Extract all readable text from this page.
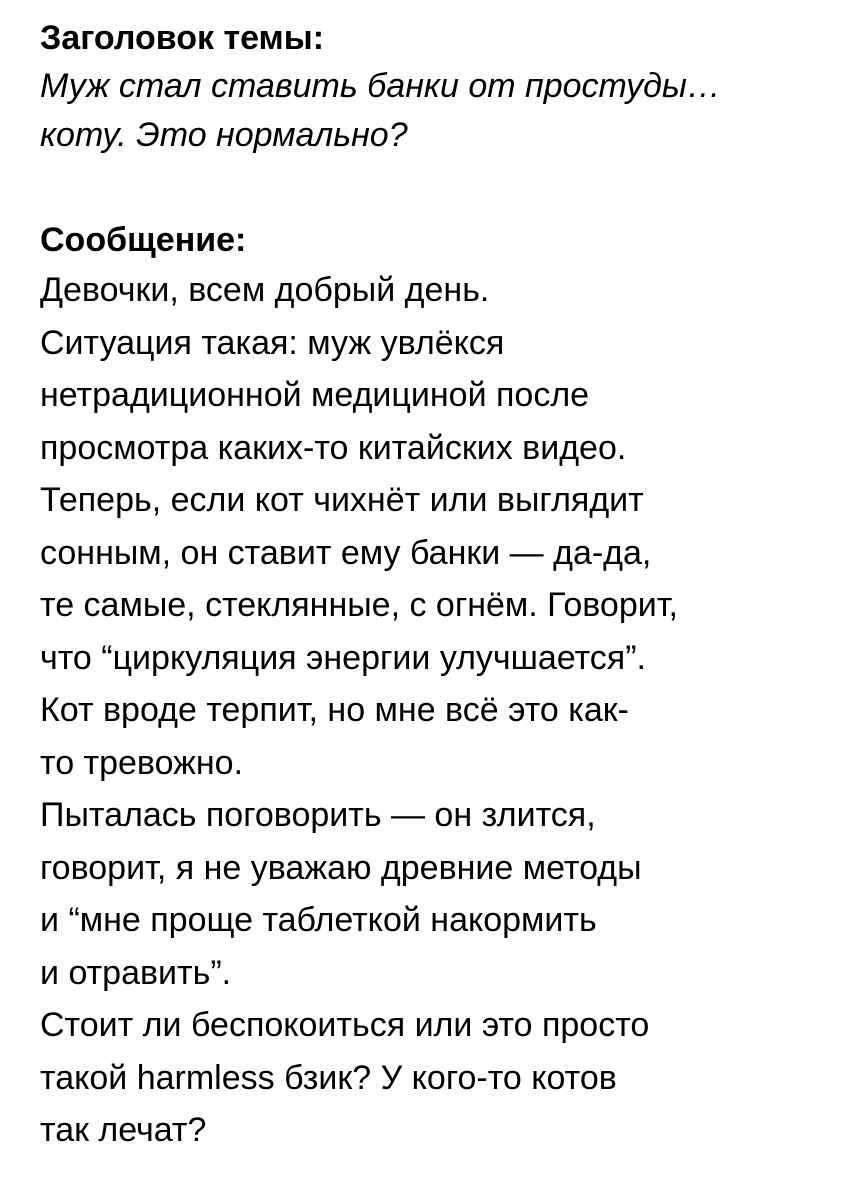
Заголовок темы:

Муж стал ставить банки от простуды…
коту. Это нормально?

Сообщение:

Девочки, всем добрый день.
Ситуация такая: муж увлёкся
нетрадиционной медициной после
просмотра каких-то китайских видео.
Теперь, если кот чихнёт или выглядит
сонным, он ставит ему банки — да-да,
те самые, стеклянные, с огнём. Говорит,
что “циркуляция энергии улучшается”.
Кот вроде терпит, но мне всё это как-
то тревожно.
Пыталась поговорить — он злится,
говорит, я не уважаю древние методы
и “мне проще таблеткой накормить
и отравить”.
Стоит ли беспокоиться или это просто
такой harmless бзик? У кого-то котов
так лечат?
